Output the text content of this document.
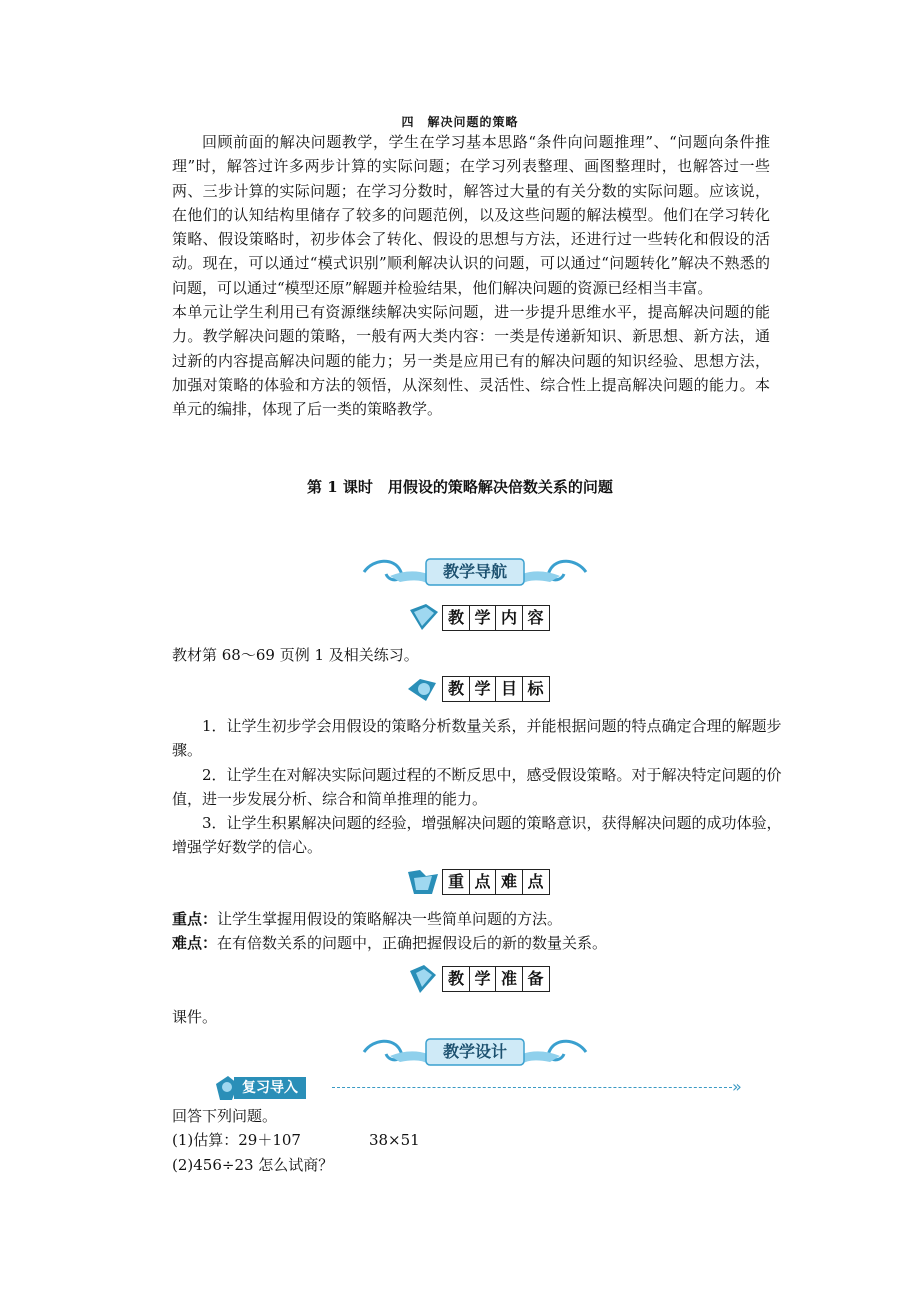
四　解决问题的策略

回顾前面的解决问题教学，学生在学习基本思路“条件向问题推理”、“问题向条件推理”时，解答过许多两步计算的实际问题；在学习列表整理、画图整理时，也解答过一些两、三步计算的实际问题；在学习分数时，解答过大量的有关分数的实际问题。应该说，在他们的认知结构里储存了较多的问题范例，以及这些问题的解法模型。他们在学习转化策略、假设策略时，初步体会了转化、假设的思想与方法，还进行过一些转化和假设的活动。现在，可以通过“模式识别”顺利解决认识的问题，可以通过“问题转化”解决不熟悉的问题，可以通过“模型还原”解题并检验结果，他们解决问题的资源已经相当丰富。

本单元让学生利用已有资源继续解决实际问题，进一步提升思维水平，提高解决问题的能力。教学解决问题的策略，一般有两大类内容：一类是传递新知识、新思想、新方法，通过新的内容提高解决问题的能力；另一类是应用已有的解决问题的知识经验、思想方法，加强对策略的体验和方法的领悟，从深刻性、灵活性、综合性上提高解决问题的能力。本单元的编排，体现了后一类的策略教学。

第 1 课时　用假设的策略解决倍数关系的问题
教学导航
教 学 内 容

教材第 68～69 页例 1 及相关练习。

教 学 目 标

1．让学生初步学会用假设的策略分析数量关系，并能根据问题的特点确定合理的解题步骤。

2．让学生在对解决实际问题过程的不断反思中，感受假设策略。对于解决特定问题的价值，进一步发展分析、综合和简单推理的能力。

3．让学生积累解决问题的经验，增强解决问题的策略意识，获得解决问题的成功体验，增强学好数学的信心。

重 点 难 点

重点：让学生掌握用假设的策略解决一些简单问题的方法。

难点：在有倍数关系的问题中，正确把握假设后的新的数量关系。

教 学 准 备

课件。

教学设计
复习导入	»

回答下列问题。

(1)估算：29＋107	38×51

(2)456÷23 怎么试商？
